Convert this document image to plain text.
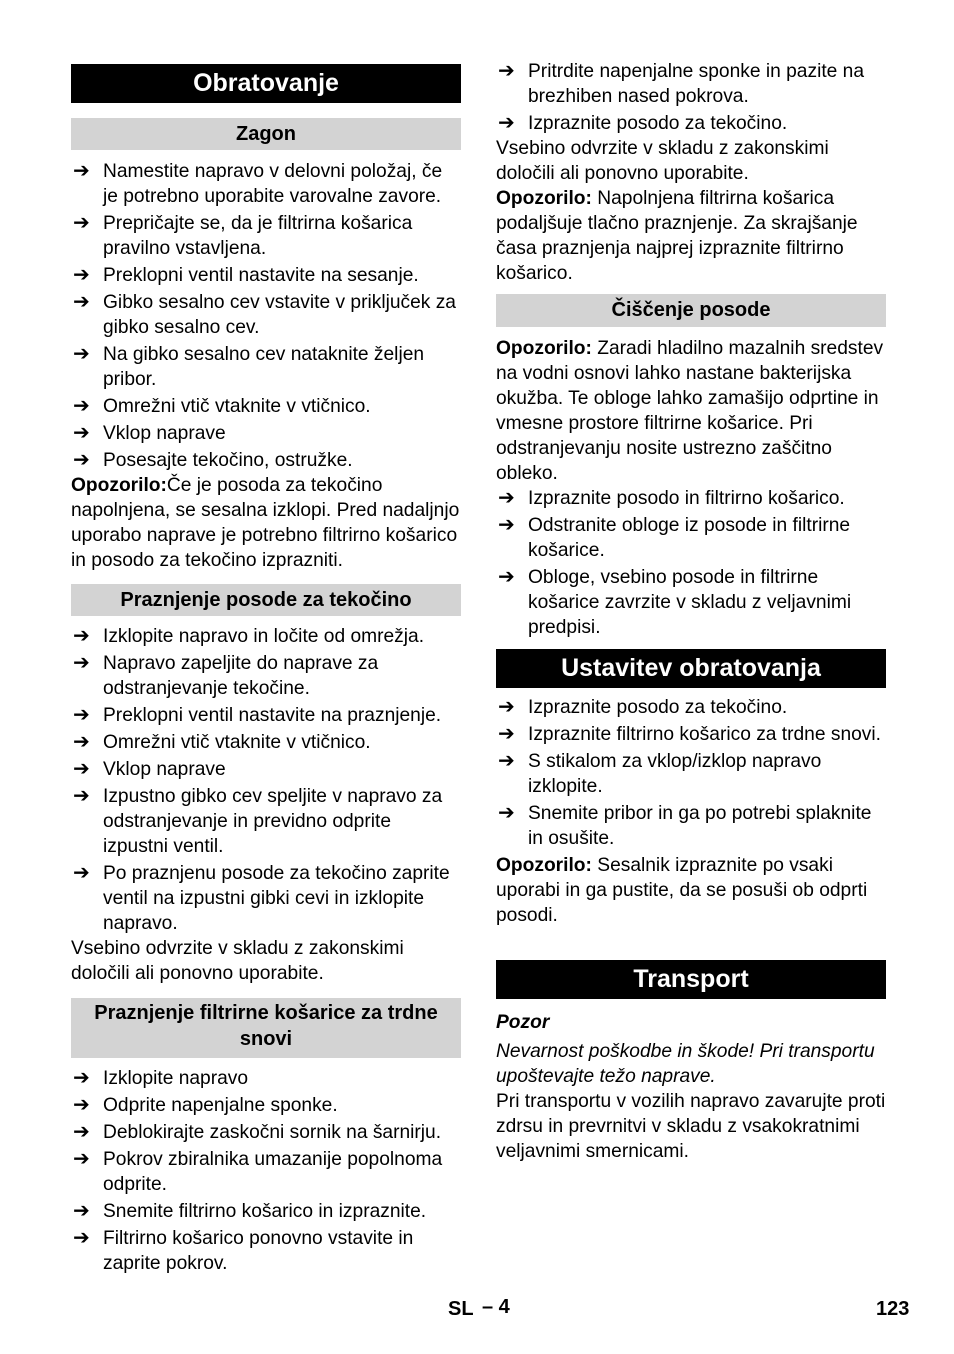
Obratovanje
Zagon
➔ Namestite napravo v delovni položaj, če je potrebno uporabite varovalne zavore.
➔ Prepričajte se, da je filtrirna košarica pravilno vstavljena.
➔ Preklopni ventil nastavite na sesanje.
➔ Gibko sesalno cev vstavite v priključek za gibko sesalno cev.
➔ Na gibko sesalno cev nataknite željen pribor.
➔ Omrežni vtič vtaknite v vtičnico.
➔ Vklop naprave
➔ Posesajte tekočino, ostružke.
Opozorilo:Če je posoda za tekočino napolnjena, se sesalna izklopi. Pred nadaljnjo uporabo naprave je potrebno filtrirno košarico in posodo za tekočino izprazniti.
Praznjenje posode za tekočino
➔ Izklopite napravo in ločite od omrežja.
➔ Napravo zapeljite do naprave za odstranjevanje tekočine.
➔ Preklopni ventil nastavite na praznjenje.
➔ Omrežni vtič vtaknite v vtičnico.
➔ Vklop naprave
➔ Izpustno gibko cev speljite v napravo za odstranjevanje in previdno odprite izpustni ventil.
➔ Po praznjenu posode za tekočino zaprite ventil na izpustni gibki cevi in izklopite napravo.
Vsebino odvrzite v skladu z zakonskimi določili ali ponovno uporabite.
Praznjenje filtrirne košarice za trdne snovi
➔ Izklopite napravo
➔ Odprite napenjalne sponke.
➔ Deblokirajte zaskočni sornik na šarnirju.
➔ Pokrov zbiralnika umazanije popolnoma odprite.
➔ Snemite filtrirno košarico in izpraznite.
➔ Filtrirno košarico ponovno vstavite in zaprite pokrov.
➔ Pritrdite napenjalne sponke in pazite na brezhiben nased pokrova.
➔ Izpraznite posodo za tekočino.
Vsebino odvrzite v skladu z zakonskimi določili ali ponovno uporabite.
Opozorilo: Napolnjena filtrirna košarica podaljšuje tlačno praznjenje. Za skrajšanje časa praznjenja najprej izpraznite filtrirno košarico.
Čiščenje posode
Opozorilo: Zaradi hladilno mazalnih sredstev na vodni osnovi lahko nastane bakterijska okužba. Te obloge lahko zamašijo odprtine in vmesne prostore filtrirne košarice. Pri odstranjevanju nosite ustrezno zaščitno obleko.
➔ Izpraznite posodo in filtrirno košarico.
➔ Odstranite obloge iz posode in filtrirne košarice.
➔ Obloge, vsebino posode in filtrirne košarice zavrzite v skladu z veljavnimi predpisi.
Ustavitev obratovanja
➔ Izpraznite posodo za tekočino.
➔ Izpraznite filtrirno košarico za trdne snovi.
➔ S stikalom za vklop/izklop napravo izklopite.
➔ Snemite pribor in ga po potrebi splaknite in osušite.
Opozorilo: Sesalnik izpraznite po vsaki uporabi in ga pustite, da se posuši ob odprti posodi.
Transport
Pozor
Nevarnost poškodbe in škode! Pri transportu upoštevajte težo naprave.
Pri transportu v vozilih napravo zavarujte proti zdrsu in prevrnitvi v skladu z vsakokratnimi veljavnimi smernicami.
SL – 4	123
